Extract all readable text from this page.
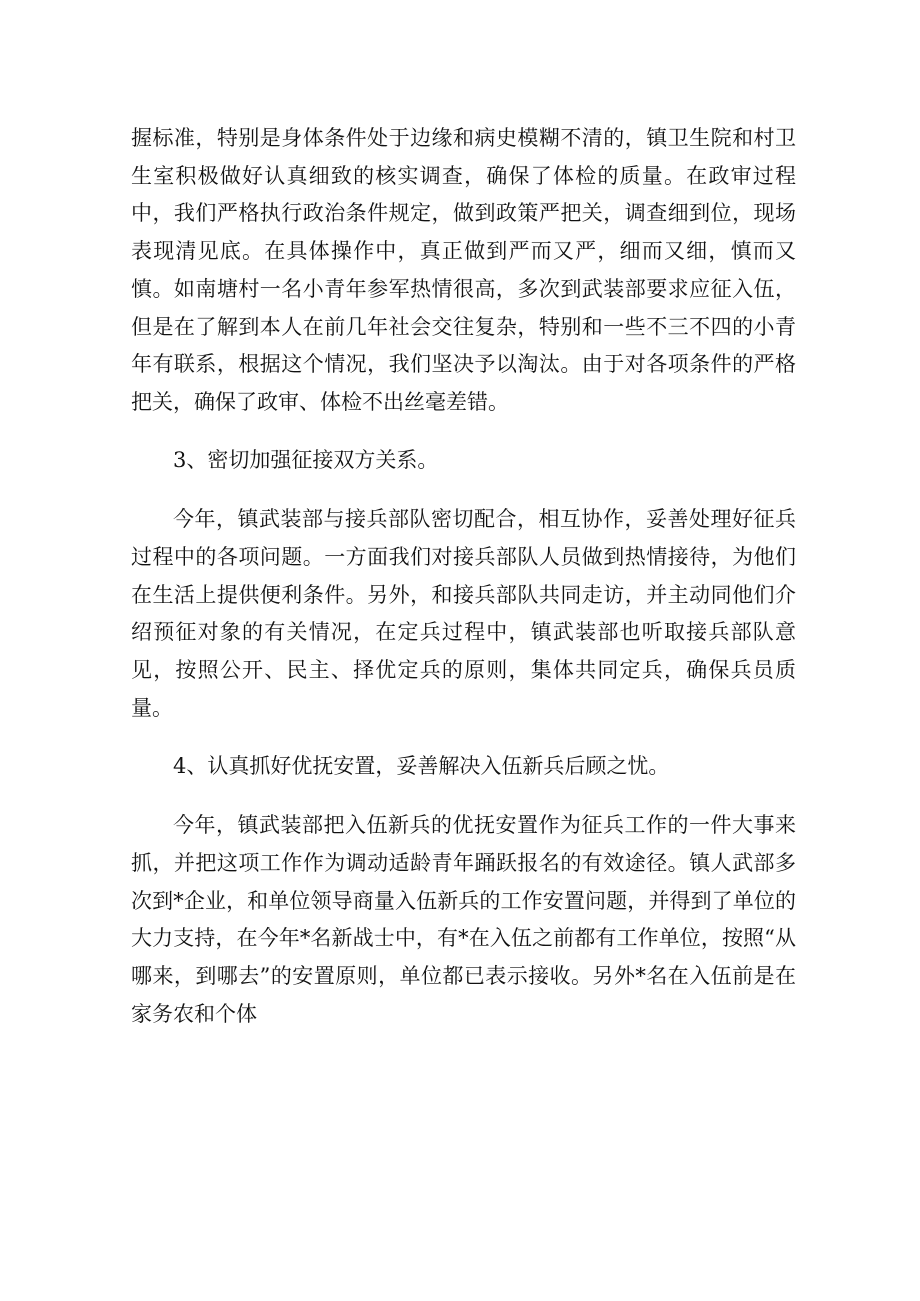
握标准，特别是身体条件处于边缘和病史模糊不清的，镇卫生院和村卫生室积极做好认真细致的核实调查，确保了体检的质量。在政审过程中，我们严格执行政治条件规定，做到政策严把关，调查细到位，现场表现清见底。在具体操作中，真正做到严而又严，细而又细，慎而又慎。如南塘村一名小青年参军热情很高，多次到武装部要求应征入伍，但是在了解到本人在前几年社会交往复杂，特别和一些不三不四的小青年有联系，根据这个情况，我们坚决予以淘汰。由于对各项条件的严格把关，确保了政审、体检不出丝毫差错。

3、密切加强征接双方关系。

今年，镇武装部与接兵部队密切配合，相互协作，妥善处理好征兵过程中的各项问题。一方面我们对接兵部队人员做到热情接待，为他们在生活上提供便利条件。另外，和接兵部队共同走访，并主动同他们介绍预征对象的有关情况，在定兵过程中，镇武装部也听取接兵部队意见，按照公开、民主、择优定兵的原则，集体共同定兵，确保兵员质量。

4、认真抓好优抚安置，妥善解决入伍新兵后顾之忧。

今年，镇武装部把入伍新兵的优抚安置作为征兵工作的一件大事来抓，并把这项工作作为调动适龄青年踊跃报名的有效途径。镇人武部多次到*企业，和单位领导商量入伍新兵的工作安置问题，并得到了单位的大力支持，在今年*名新战士中，有*在入伍之前都有工作单位，按照“从哪来，到哪去”的安置原则，单位都已表示接收。另外*名在入伍前是在家务农和个体
